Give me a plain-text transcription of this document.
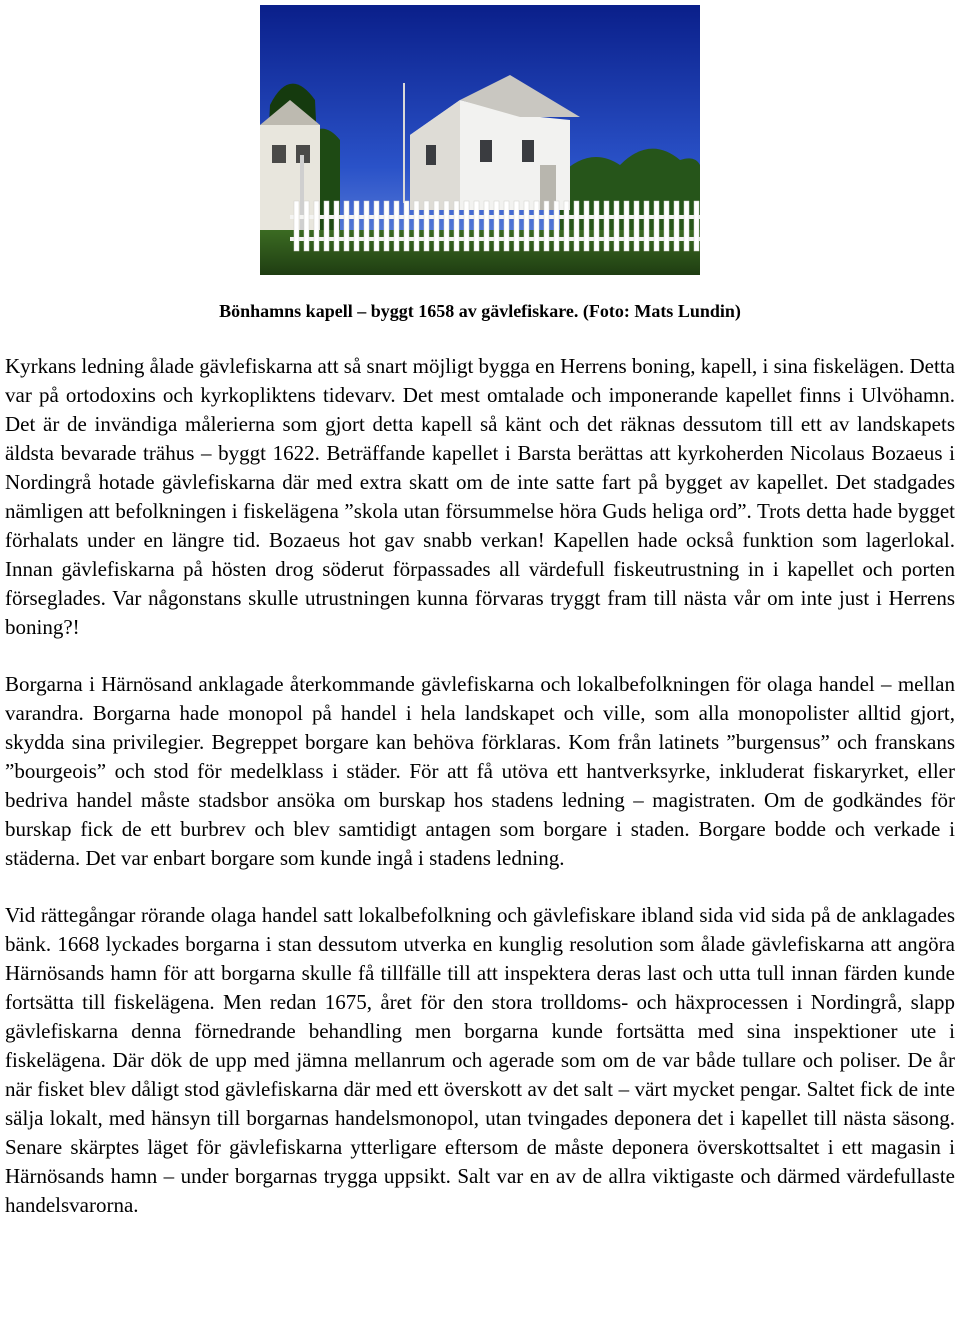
Bönhamns kapell – byggt 1658 av gävlefiskare. (Foto: Mats Lundin)

Kyrkans ledning ålade gävlefiskarna att så snart möjligt bygga en Herrens boning, kapell, i sina fiskelägen. Detta var på ortodoxins och kyrkopliktens tidevarv. Det mest omtalade och imponerande kapellet finns i Ulvöhamn. Det är de invändiga målerierna som gjort detta kapell så känt och det räknas dessutom till ett av landskapets äldsta bevarade trähus – byggt 1622. Beträffande kapellet i Barsta berättas att kyrkoherden Nicolaus Bozaeus i Nordingrå hotade gävlefiskarna där med extra skatt om de inte satte fart på bygget av kapellet. Det stadgades nämligen att befolkningen i fiskelägena ”skola utan försummelse höra Guds heliga ord”. Trots detta hade bygget förhalats under en längre tid. Bozaeus hot gav snabb verkan! Kapellen hade också funktion som lagerlokal. Innan gävlefiskarna på hösten drog söderut förpassades all värdefull fiskeutrustning in i kapellet och porten förseglades. Var någonstans skulle utrustningen kunna förvaras tryggt fram till nästa vår om inte just i Herrens boning?!

Borgarna i Härnösand anklagade återkommande gävlefiskarna och lokalbefolkningen för olaga handel – mellan varandra. Borgarna hade monopol på handel i hela landskapet och ville, som alla monopolister alltid gjort, skydda sina privilegier. Begreppet borgare kan behöva förklaras. Kom från latinets ”burgensus” och franskans ”bourgeois” och stod för medelklass i städer. För att få utöva ett hantverksyrke, inkluderat fiskaryrket, eller bedriva handel måste stadsbor ansöka om burskap hos stadens ledning – magistraten. Om de godkändes för burskap fick de ett burbrev och blev samtidigt antagen som borgare i staden. Borgare bodde och verkade i städerna. Det var enbart borgare som kunde ingå i stadens ledning.

Vid rättegångar rörande olaga handel satt lokalbefolkning och gävlefiskare ibland sida vid sida på de anklagades bänk. 1668 lyckades borgarna i stan dessutom utverka en kunglig resolution som ålade gävlefiskarna att angöra Härnösands hamn för att borgarna skulle få tillfälle till att inspektera deras last och utta tull innan färden kunde fortsätta till fiskelägena. Men redan 1675, året för den stora trolldoms- och häxprocessen i Nordingrå, slapp gävlefiskarna denna förnedrande behandling men borgarna kunde fortsätta med sina inspektioner ute i fiskelägena. Där dök de upp med jämna mellanrum och agerade som om de var både tullare och poliser. De år när fisket blev dåligt stod gävlefiskarna där med ett överskott av det salt – värt mycket pengar. Saltet fick de inte sälja lokalt, med hänsyn till borgarnas handelsmonopol, utan tvingades deponera det i kapellet till nästa säsong. Senare skärptes läget för gävlefiskarna ytterligare eftersom de måste deponera överskottsaltet i ett magasin i Härnösands hamn – under borgarnas trygga uppsikt. Salt var en av de allra viktigaste och därmed värdefullaste handelsvarorna.
